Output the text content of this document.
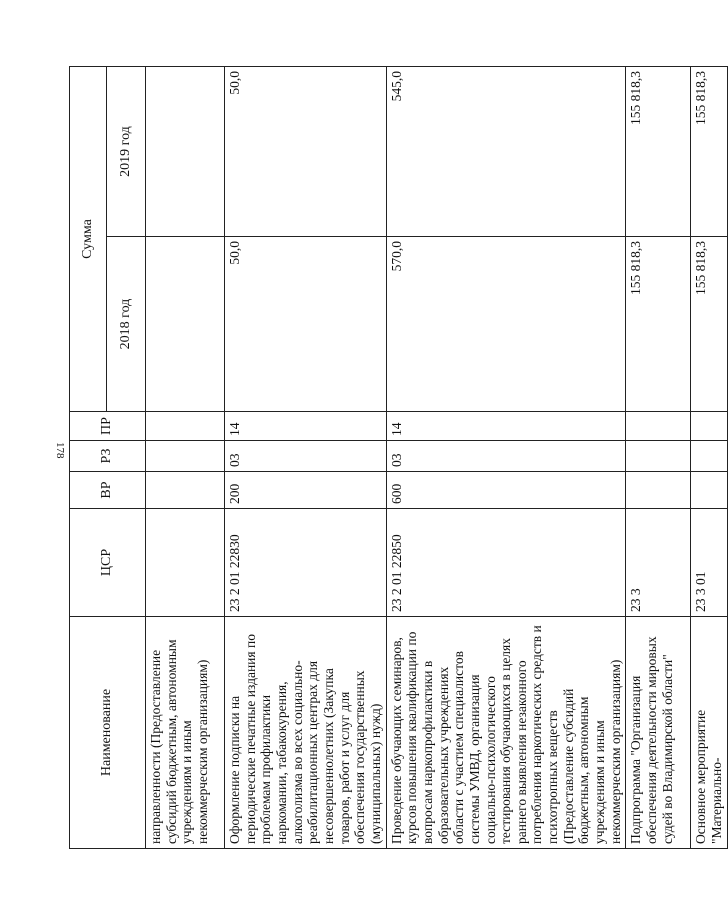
178
Наименование	ЦСР	ВР	РЗ	ПР	Сумма	
					2018 год	2019 год
направленности (Предоставление субсидий бюджетным, автономным учреждениям и иным некоммерческим организациям)						
Оформление подписки на периодические печатные издания по проблемам профилактики наркомании, табакокурения, алкоголизма во всех социально-реабилитационных центрах для несовершеннолетних (Закупка товаров, работ и услуг для обеспечения государственных (муниципальных) нужд)	23 2 01 22830	200	03	14	50,0	50,0
Проведение обучающих семинаров, курсов повышения квалификации по вопросам наркопрофилактики в образовательных учреждениях области с участием специалистов системы УМВД, организация социально-психологического тестирования обучающихся в целях раннего выявления незаконного потребления наркотических средств и психотропных веществ (Предоставление субсидий бюджетным, автономным учреждениям и иным некоммерческим организациям)	23 2 01 22850	600	03	14	570,0	545,0
Подпрограмма "Организация обеспечения деятельности мировых судей во Владимирской области"	23 3				155 818,3	155 818,3
Основное мероприятие "Материально-	23 3 01				155 818,3	155 818,3
